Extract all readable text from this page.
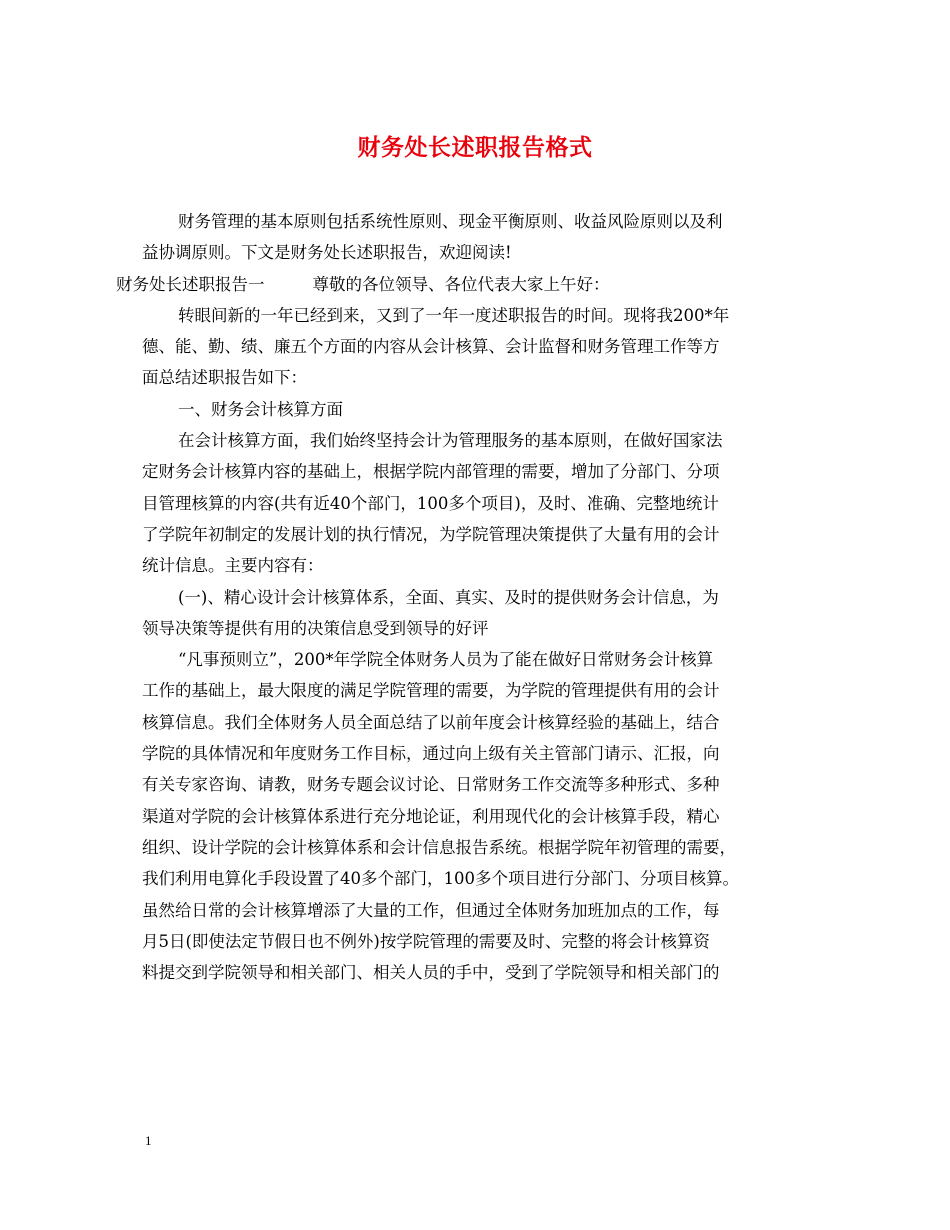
财务处长述职报告格式
财务管理的基本原则包括系统性原则、现金平衡原则、收益风险原则以及利
益协调原则。下文是财务处长述职报告，欢迎阅读!
财务处长述职报告一	尊敬的各位领导、各位代表大家上午好：
转眼间新的一年已经到来，又到了一年一度述职报告的时间。现将我200*年
德、能、勤、绩、廉五个方面的内容从会计核算、会计监督和财务管理工作等方
面总结述职报告如下：
一、财务会计核算方面
在会计核算方面，我们始终坚持会计为管理服务的基本原则，在做好国家法
定财务会计核算内容的基础上，根据学院内部管理的需要，增加了分部门、分项
目管理核算的内容(共有近40个部门，100多个项目)，及时、准确、完整地统计
了学院年初制定的发展计划的执行情况，为学院管理决策提供了大量有用的会计
统计信息。主要内容有：
(一)、精心设计会计核算体系，全面、真实、及时的提供财务会计信息，为
领导决策等提供有用的决策信息受到领导的好评
“凡事预则立”，200*年学院全体财务人员为了能在做好日常财务会计核算
工作的基础上，最大限度的满足学院管理的需要，为学院的管理提供有用的会计
核算信息。我们全体财务人员全面总结了以前年度会计核算经验的基础上，结合
学院的具体情况和年度财务工作目标，通过向上级有关主管部门请示、汇报，向
有关专家咨询、请教，财务专题会议讨论、日常财务工作交流等多种形式、多种
渠道对学院的会计核算体系进行充分地论证，利用现代化的会计核算手段，精心
组织、设计学院的会计核算体系和会计信息报告系统。根据学院年初管理的需要，
我们利用电算化手段设置了40多个部门，100多个项目进行分部门、分项目核算。
虽然给日常的会计核算增添了大量的工作，但通过全体财务加班加点的工作，每
月5日(即使法定节假日也不例外)按学院管理的需要及时、完整的将会计核算资
料提交到学院领导和相关部门、相关人员的手中，受到了学院领导和相关部门的
1
